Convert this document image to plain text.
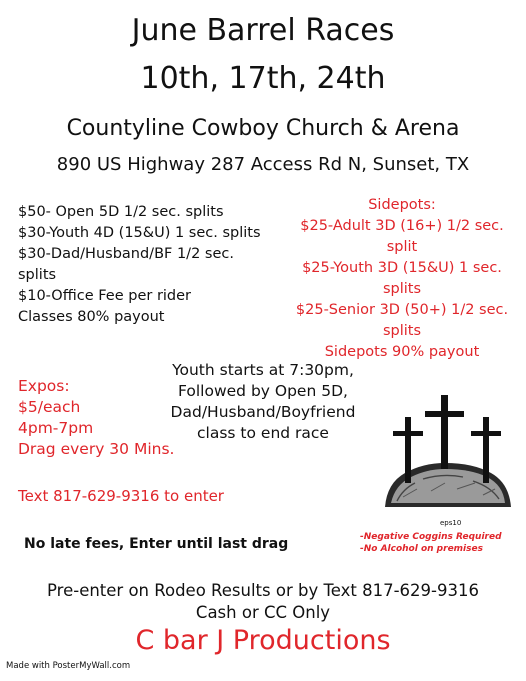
June Barrel Races
10th, 17th, 24th
Countyline Cowboy Church & Arena
890 US Highway 287 Access Rd N, Sunset, TX
$50- Open 5D 1/2 sec. splits
$30-Youth 4D (15&U) 1 sec. splits
$30-Dad/Husband/BF 1/2 sec.
splits
$10-Office Fee per rider
Classes 80% payout
Sidepots:
$25-Adult 3D (16+) 1/2 sec.
split
$25-Youth 3D (15&U) 1 sec.
splits
$25-Senior 3D (50+) 1/2 sec.
splits
Sidepots 90% payout
Youth starts at 7:30pm,
Followed by Open 5D,
Dad/Husband/Boyfriend
class to end race
Expos:
$5/each
4pm-7pm
Drag every 30 Mins.
Text 817-629-9316 to enter
No late fees, Enter until last drag
eps10
-Negative Coggins Required
-No Alcohol on premises
Pre-enter on Rodeo Results or by Text 817-629-9316
Cash or CC Only
C bar J Productions
Made with PosterMyWall.com
